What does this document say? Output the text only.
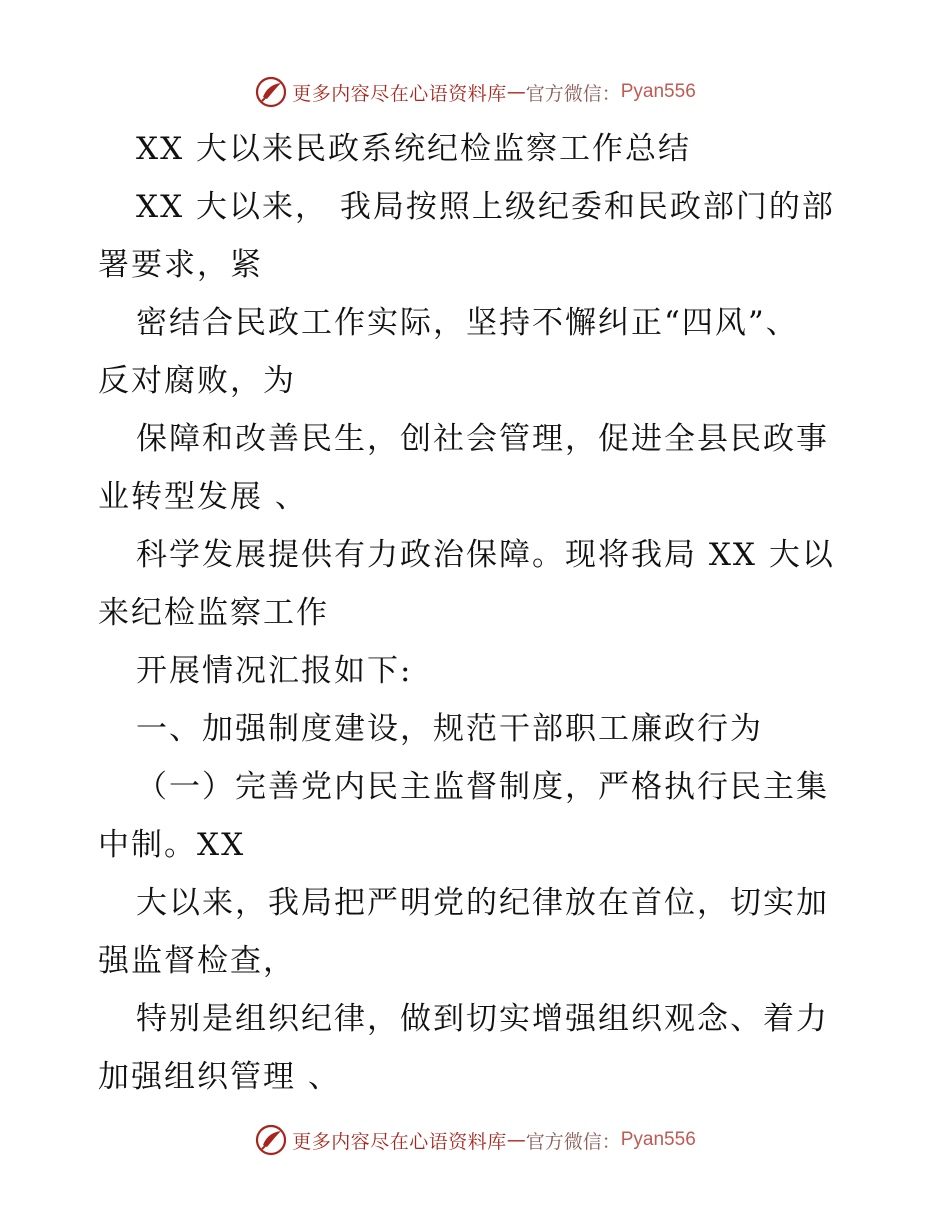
更多内容尽在心语资料库 — 官方微信： Pyan556
XX 大以来民政系统纪检监察工作总结
XX 大以来， 我局按照上级纪委和民政部门的部
署要求，紧
密结合民政工作实际，坚持不懈纠正“四风”、
反对腐败，为
保障和改善民生，创社会管理，促进全县民政事
业转型发展 、
科学发展提供有力政治保障。现将我局 XX 大以
来纪检监察工作
开展情况汇报如下:
一、加强制度建设，规范干部职工廉政行为
（一）完善党内民主监督制度，严格执行民主集
中制。XX
大以来，我局把严明党的纪律放在首位，切实加
强监督检查，
特别是组织纪律，做到切实增强组织观念、着力
加强组织管理 、
更多内容尽在心语资料库 — 官方微信： Pyan556
